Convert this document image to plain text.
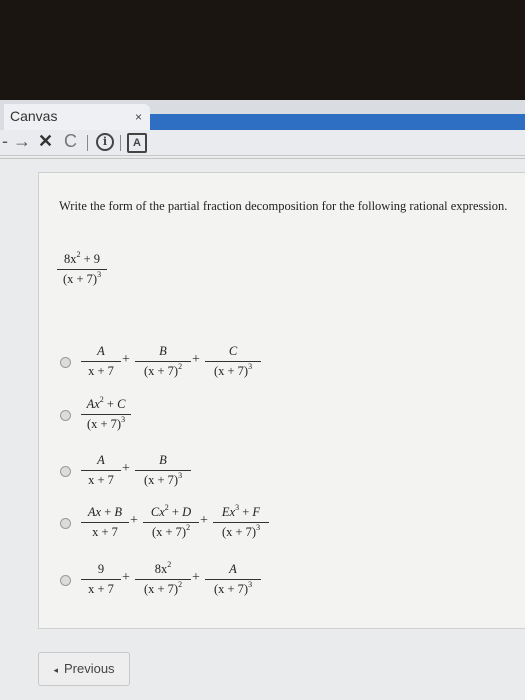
Canvas	×
- → ✕ C	i	A
Write the form of the partial fraction decomposition for the following rational expression.
A
x + 7
+
B
$(x + 7)^2$ +
C
$(x + 7)^3$
$Ax^2 + C$
$(x + 7)^3$
A
x + 7
+
B
$(x + 7)^3$
Ax + B
x + 7
+
$Cx^2 + D$
$(x + 7)^2$ +
$Ex^3 + F$
$(x + 7)^3$
9
x + 7
+
$8x^2$
$(x + 7)^2$ +
A
$(x + 7)^3$
$8x^2 + 9$
$(x + 7)^3$
◂ Previous
